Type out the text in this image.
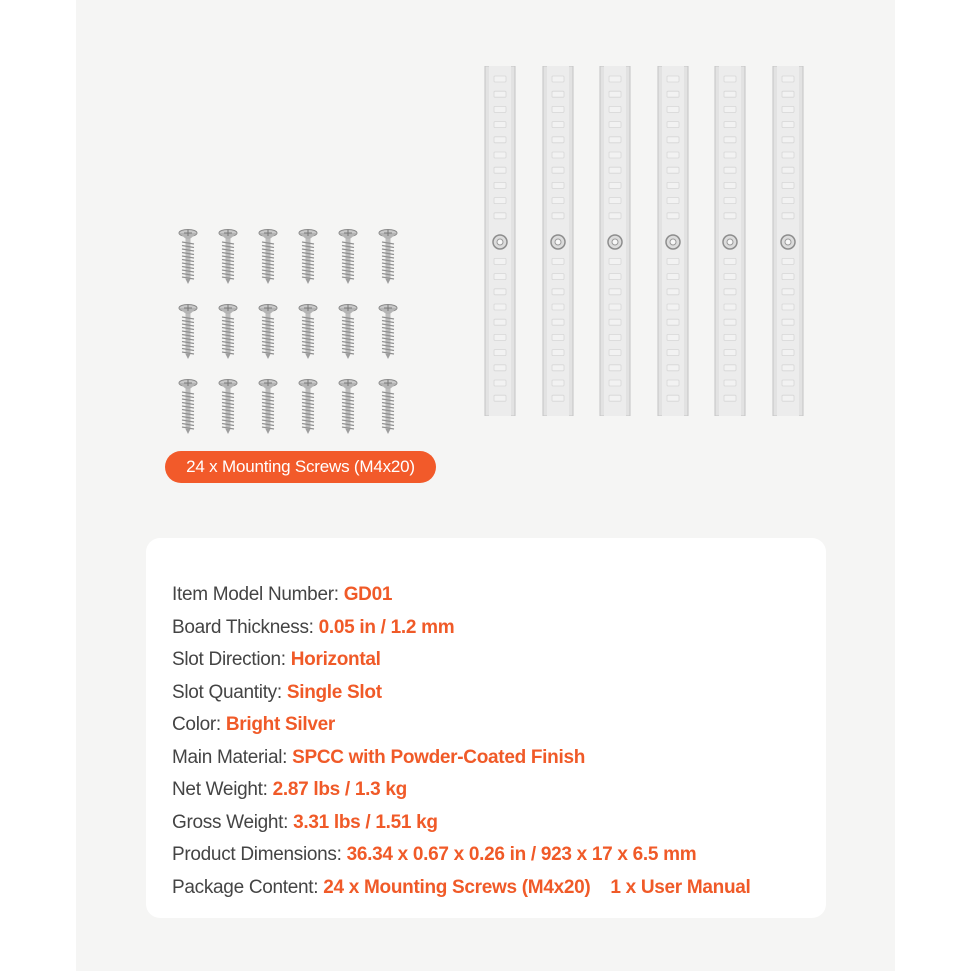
24 x Mounting Screws (M4x20)
Item Model Number: GD01
Board Thickness: 0.05 in / 1.2 mm
Slot Direction: Horizontal
Slot Quantity: Single Slot
Color: Bright Silver
Main Material: SPCC with Powder-Coated Finish
Net Weight: 2.87 lbs / 1.3 kg
Gross Weight: 3.31 lbs / 1.51 kg
Product Dimensions: 36.34 x 0.67 x 0.26 in / 923 x 17 x 6.5 mm
Package Content: 24 x Mounting Screws (M4x20)    1 x User Manual
